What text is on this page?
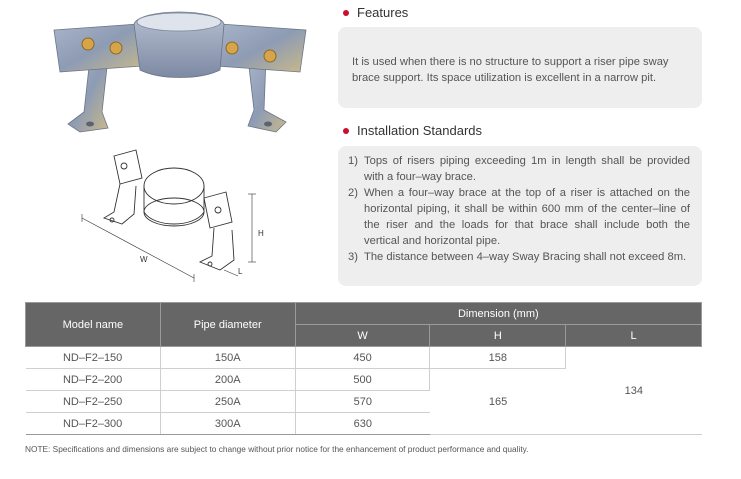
W
H
L
Features

It is used when there is no structure to support a riser pipe sway brace support. Its space utilization is excellent in a narrow pit.

Installation Standards
1) Tops of risers piping exceeding 1m in length shall be provided with a four–way brace.
2) When a four–way brace at the top of a riser is attached on the horizontal piping, it shall be within 600 mm of the center–line of the riser and the loads for that brace shall include both the vertical and horizontal pipe.
3) The distance between 4–way Sway Bracing shall not exceed 8m.
Model name	Pipe diameter	Dimension (mm)		
		W	H	L
ND–F2–150	150A	450	158	134
ND–F2–200	200A	500	165	
ND–F2–250	250A	570		
ND–F2–300	300A	630		

NOTE: Specifications and dimensions are subject to change without prior notice for the enhancement of product performance and quality.
